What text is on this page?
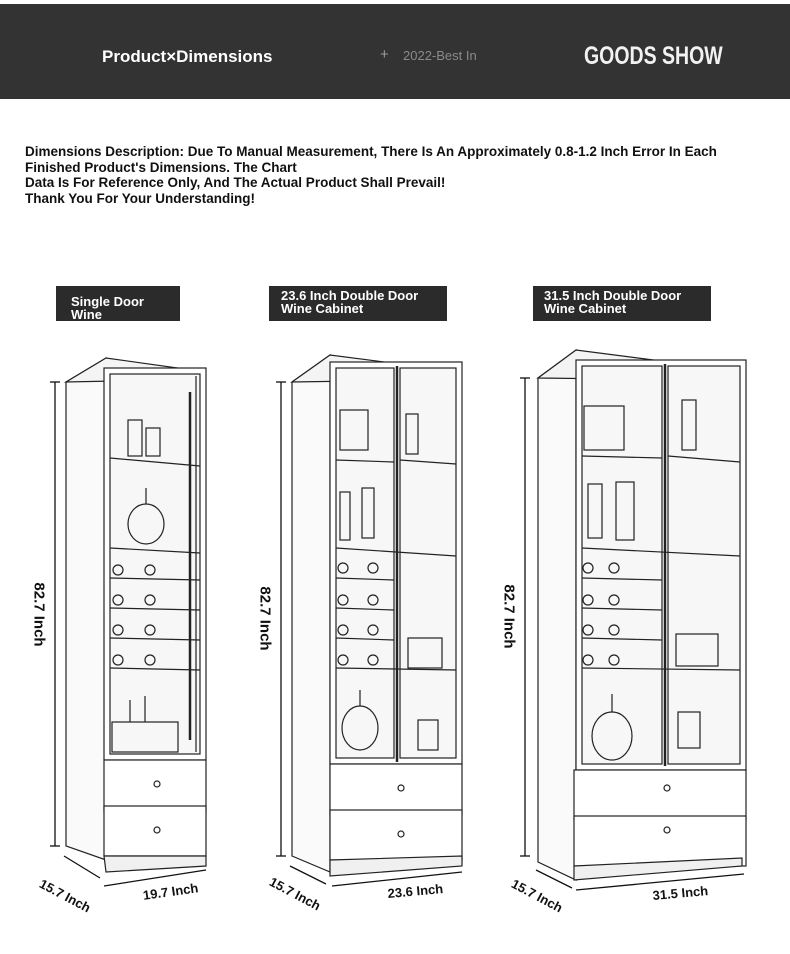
Product×Dimensions	+ 2022-Best In	GOODS SHOW
Dimensions Description: Due To Manual Measurement, There Is An Approximately 0.8-1.2 Inch Error In Each
Finished Product's Dimensions. The Chart
Data Is For Reference Only, And The Actual Product Shall Prevail!
Thank You For Your Understanding!
Single Door Wine
23.6 Inch Double Door Wine Cabinet
31.5 Inch Double Door Wine Cabinet
82.7 Inch	82.7 Inch	82.7 Inch
15.7 Inch	19.7 Inch	15.7 Inch	23.6 Inch	15.7 Inch	31.5 Inch
